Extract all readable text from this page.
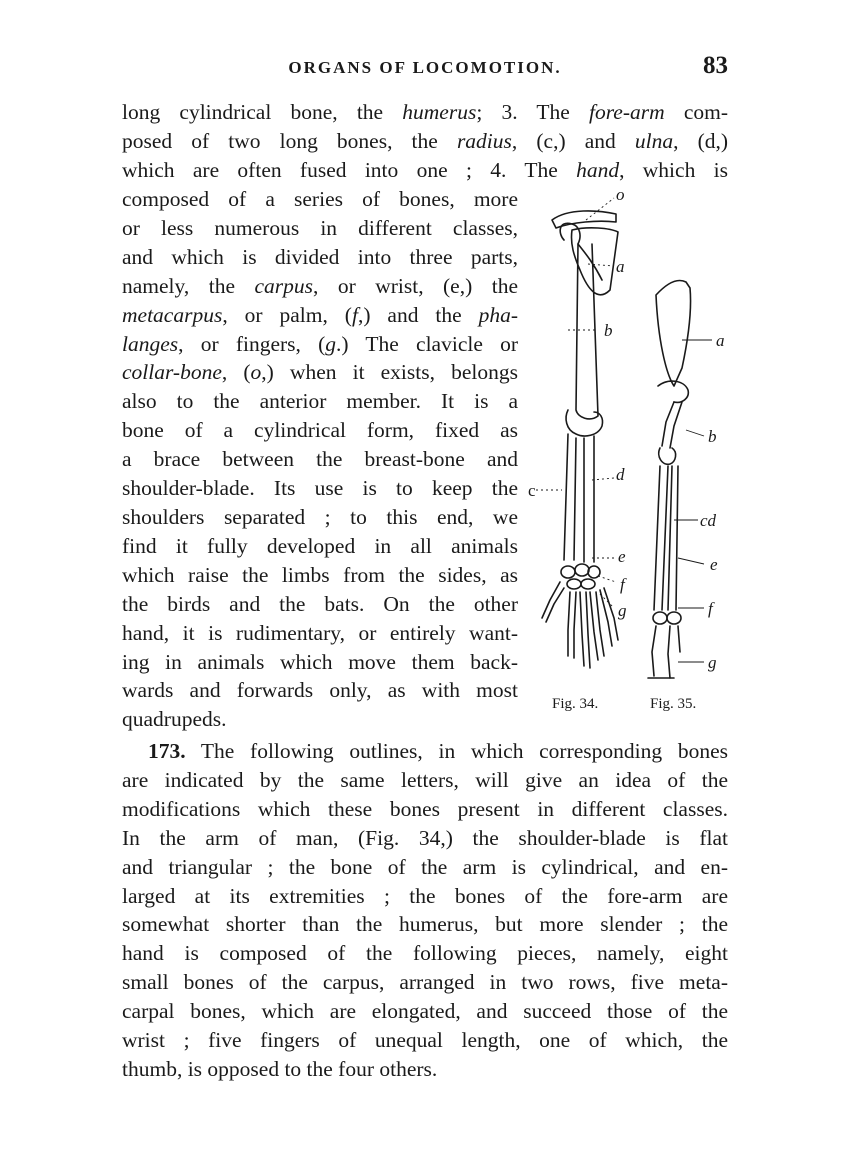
ORGANS OF LOCOMOTION.	83
long cylindrical bone, the humerus; 3. The fore-arm com-
posed of two long bones, the radius, (c,) and ulna, (d,)
which are often fused into one ; 4. The hand, which is
composed of a series of bones, more
or less numerous in different classes,
and which is divided into three parts,
namely, the carpus, or wrist, (e,) the
metacarpus, or palm, (f,) and the pha-
langes, or fingers, (g.) The clavicle or
collar-bone, (o,) when it exists, belongs
also to the anterior member. It is a
bone of a cylindrical form, fixed as
a brace between the breast-bone and
shoulder-blade. Its use is to keep the
shoulders separated ; to this end, we
find it fully developed in all animals
which raise the limbs from the sides, as
the birds and the bats. On the other
hand, it is rudimentary, or entirely want-
ing in animals which move them back-
wards and forwards only, as with most
quadrupeds.
o
a
b
c
d
e
f
g
a
b
cd
e
f
g
Fig. 34.	Fig. 35.
173. The following outlines, in which corresponding bones
are indicated by the same letters, will give an idea of the
modifications which these bones present in different classes.
In the arm of man, (Fig. 34,) the shoulder-blade is flat
and triangular ; the bone of the arm is cylindrical, and en-
larged at its extremities ; the bones of the fore-arm are
somewhat shorter than the humerus, but more slender ; the
hand is composed of the following pieces, namely, eight
small bones of the carpus, arranged in two rows, five meta-
carpal bones, which are elongated, and succeed those of the
wrist ; five fingers of unequal length, one of which, the
thumb, is opposed to the four others.
